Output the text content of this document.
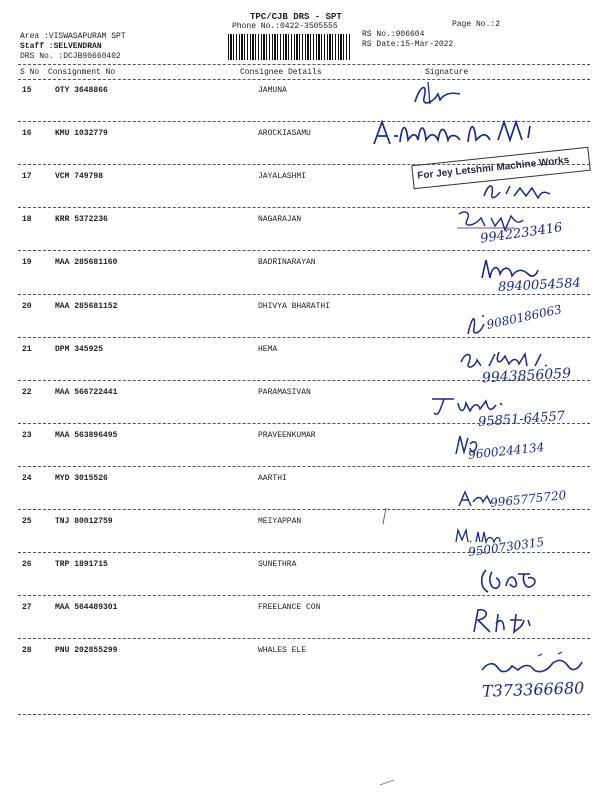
TPC/CJB DRS - SPT
Phone No.:0422-3505555
Area :VISWASAPURAM SPT
Staff :SELVENDRAN
DRS No. :DCJB90660402
RS No.:906604
RS Date:15-Mar-2022
Page No.:2
S No Consignment No	Consignee Details	Signature
15	OTY 3648866	JAMUNA
16	KMU 1032779	AROCKIASAMU
17	VCM 749798	JAYALASHMI
18	KRR 5372236	NAGARAJAN
19	MAA 285681160	BADRINARAYAN
20	MAA 285681152	DHIVYA BHARATHI
21	DPM 345925	HEMA
22	MAA 566722441	PARAMASIVAN
23	MAA 563896495	PRAVEENKUMAR
24	MYD 3015526	AARTHI
25	TNJ 80012759	MEIYAPPAN
26	TRP 1891715	SUNETHRA
27	MAA 564489301	FREELANCE CON
28	PNU 202855299	WHALES ELE
For Jey Letshmi Machine Works
9942233416
8940054584
9080186063
9943856059
95851-64557
9600244134
9965775720
9500730315
T373366680
